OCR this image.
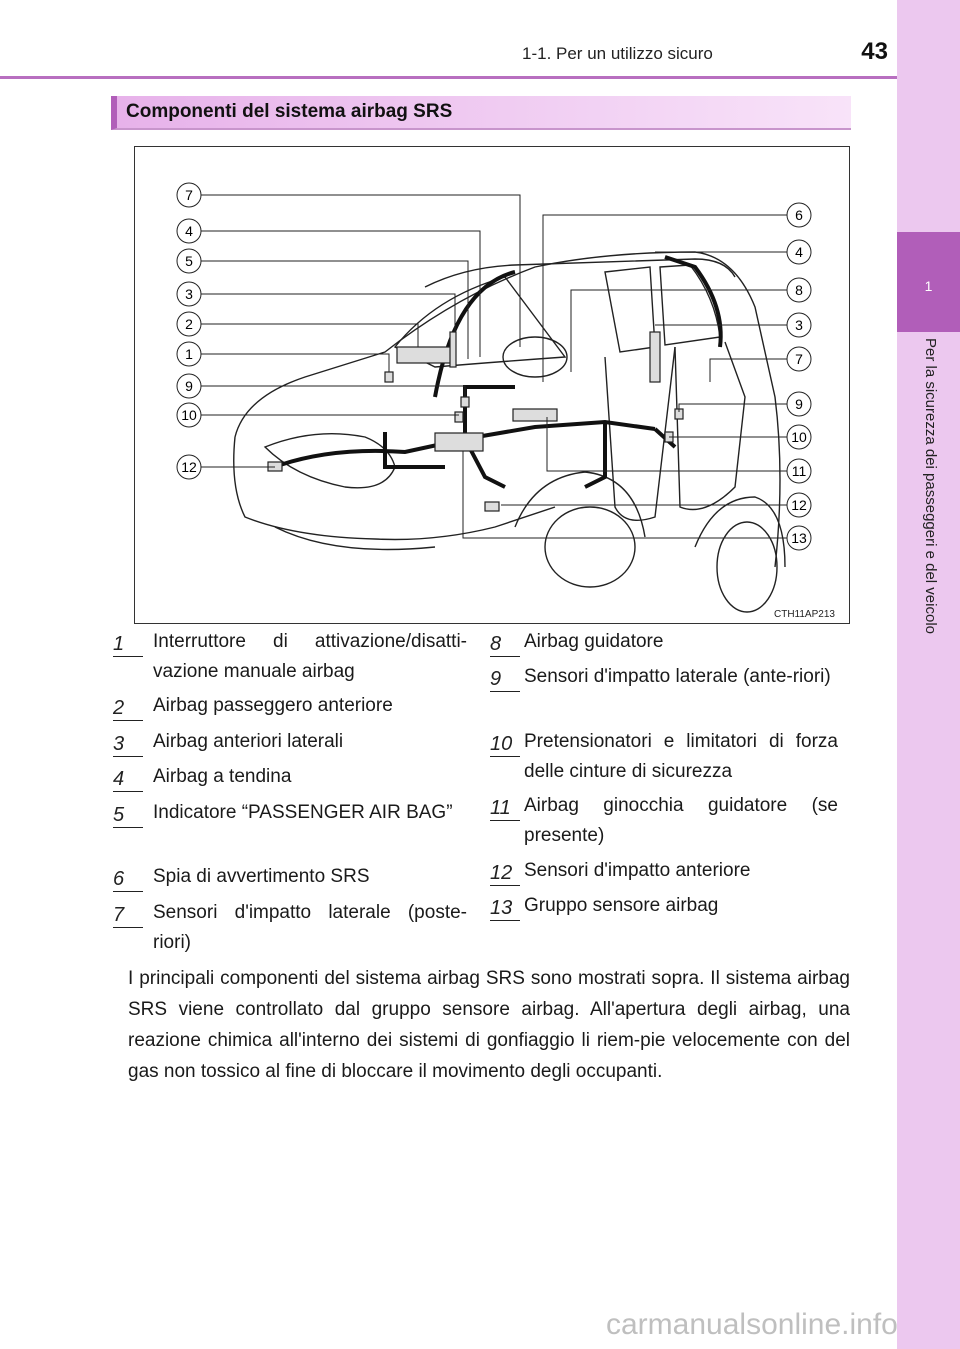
1-1. Per un utilizzo sicuro	43
1
Per la sicurezza dei passeggeri e del veicolo
Componenti del sistema airbag SRS
7
4
5
3
2
1
9
10
12
6
4
8
3
7
9
10
11
12
13
CTH11AP213
1	Interruttore di attivazione/disatti-vazione manuale airbag
2	Airbag passeggero anteriore
3	Airbag anteriori laterali
4	Airbag a tendina
5	Indicatore “PASSENGER AIR BAG”
6	Spia di avvertimento SRS
7	Sensori d'impatto laterale (poste-riori)
8	Airbag guidatore
9	Sensori d'impatto laterale (ante-riori)
10 Pretensionatori e limitatori di forza delle cinture di sicurezza
11 Airbag ginocchia guidatore (se presente)
12 Sensori d'impatto anteriore
13 Gruppo sensore airbag
I principali componenti del sistema airbag SRS sono mostrati sopra. Il sistema airbag SRS viene controllato dal gruppo sensore airbag. All'apertura degli airbag, una reazione chimica all'interno dei sistemi di gonfiaggio li riem-pie velocemente con del gas non tossico al fine di bloccare il movimento degli occupanti.
carmanualsonline.info
